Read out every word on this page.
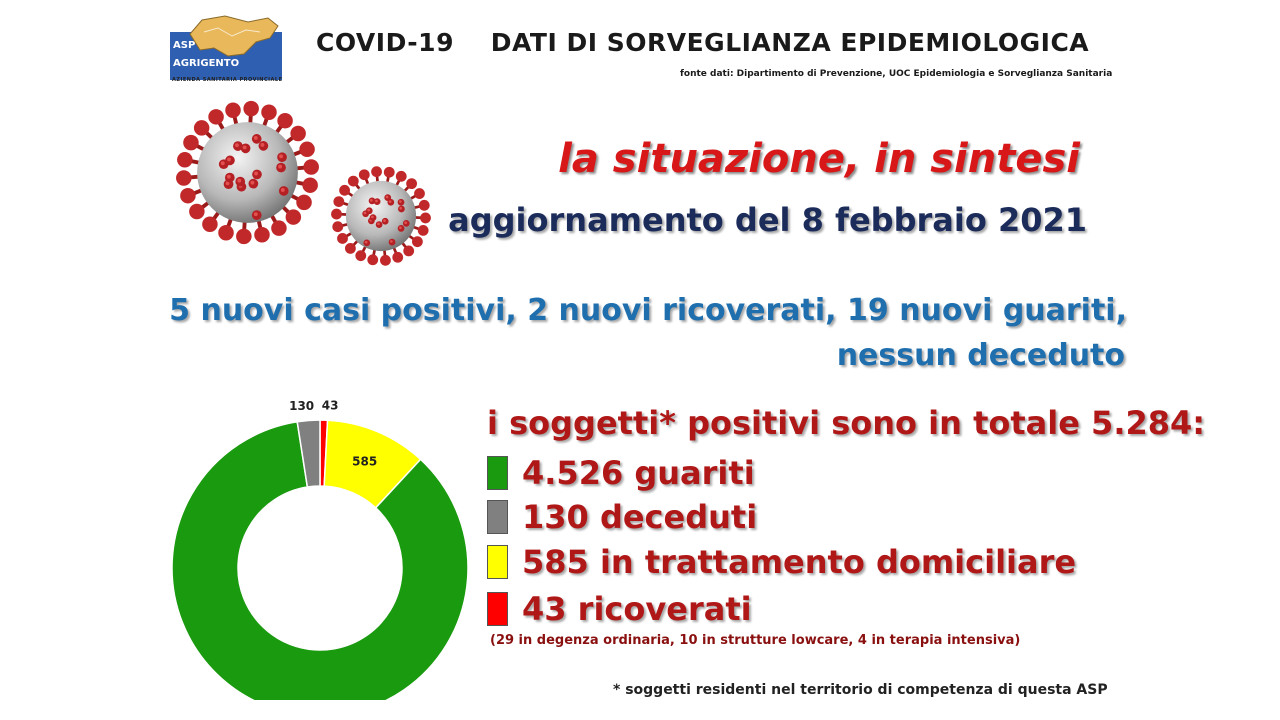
ASP
AGRIGENTO
AZIENDA SANITARIA PROVINCIALE
COVID-19    DATI DI SORVEGLIANZA EPIDEMIOLOGICA
fonte dati: Dipartimento di Prevenzione, UOC Epidemiologia e Sorveglianza Sanitaria
la situazione, in sintesi
aggiornamento del 8 febbraio 2021
5 nuovi casi positivi, 2 nuovi ricoverati, 19 nuovi guariti,
nessun deceduto
43
585
130	i soggetti* positivi sono in totale 5.284:
4.526 guariti
130 deceduti
585 in trattamento domiciliare
43 ricoverati
(29 in degenza ordinaria, 10 in strutture lowcare, 4 in terapia intensiva)
* soggetti residenti nel territorio di competenza di questa ASP
